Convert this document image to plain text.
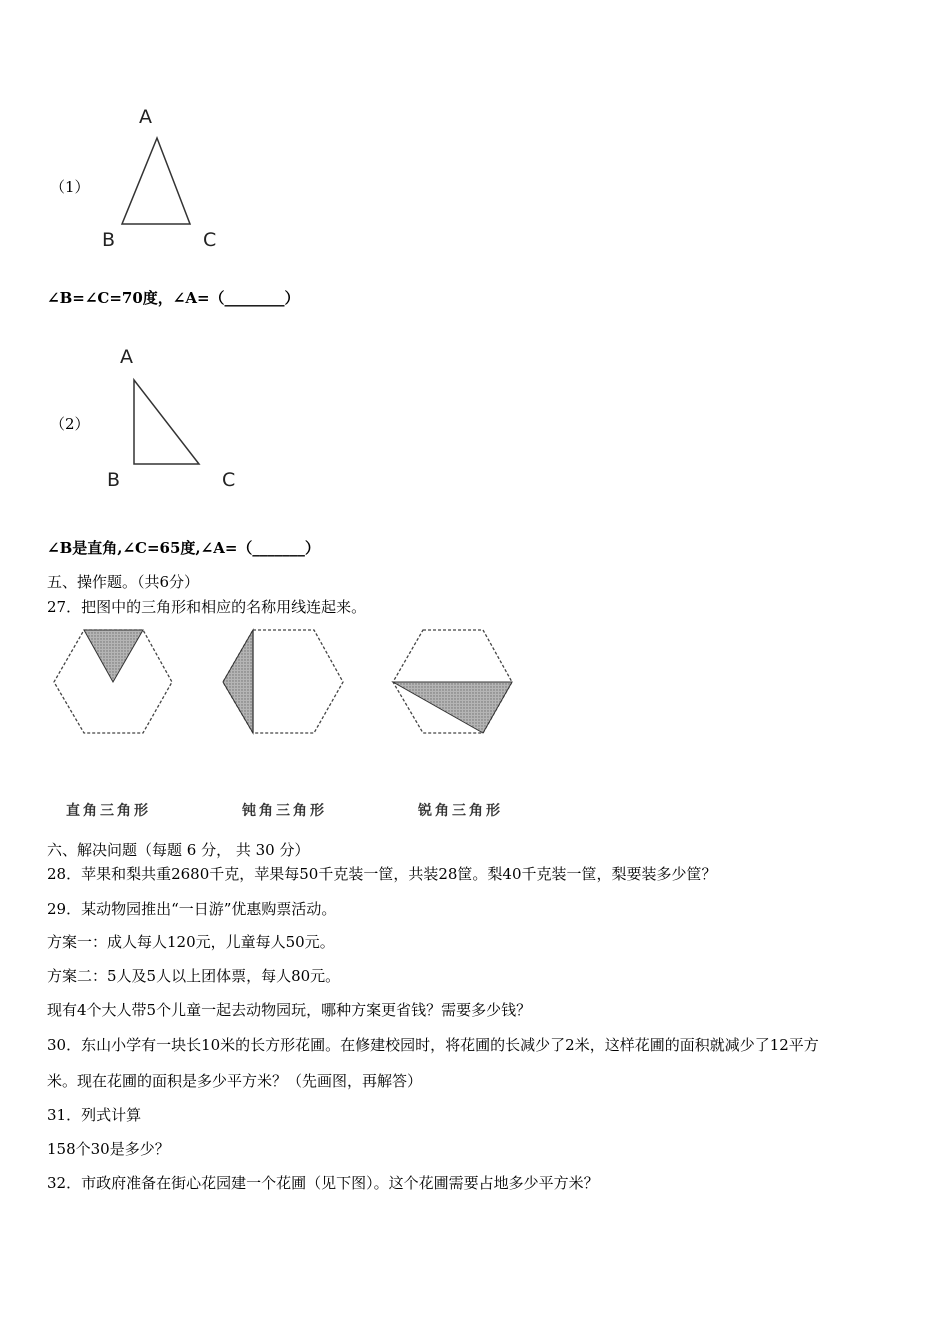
（1）
A
B	C
∠B=∠C=70度，∠A=（________）
（2）
A
B	C
∠B是直角,∠C=65度,∠A=（_______）
五、操作题。（共6分）
27．把图中的三角形和相应的名称用线连起来。
直角三角形	钝角三角形	锐角三角形
六、解决问题（每题 6 分， 共 30 分）
28．苹果和梨共重2680千克，苹果每50千克装一筐，共装28筐。梨40千克装一筐，梨要装多少筐？
29．某动物园推出“一日游”优惠购票活动。
方案一：成人每人120元，儿童每人50元。
方案二：5人及5人以上团体票，每人80元。
现有4个大人带5个儿童一起去动物园玩，哪种方案更省钱？需要多少钱？
30．东山小学有一块长10米的长方形花圃。在修建校园时，将花圃的长减少了2米，这样花圃的面积就减少了12平方
米。现在花圃的面积是多少平方米？（先画图，再解答）
31．列式计算
158个30是多少？
32．市政府准备在街心花园建一个花圃（见下图）。这个花圃需要占地多少平方米？
